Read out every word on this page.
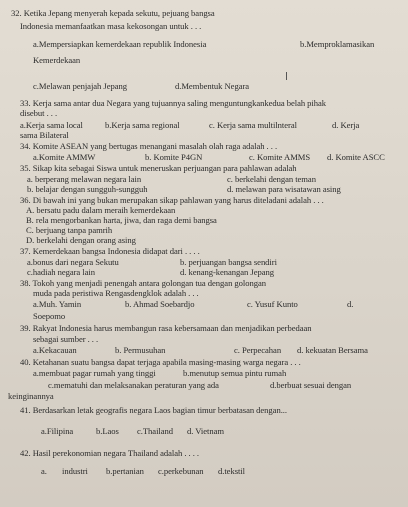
32. Ketika Jepang menyerah kepada sekutu, pejuang bangsa
Indonesia memanfaatkan masa kekosongan untuk . . .
a.Mempersiapkan kemerdekaan republik Indonesia	b.Memproklamasikan
Kemerdekaan
c.Melawan penjajah Jepang	d.Membentuk Negara
33. Kerja sama antar dua Negara yang tujuannya saling menguntungkankedua belah pihak
disebut . . .
a.Kerja sama local	b.Kerja sama regional	c. Kerja sama multilnteral	d. Kerja
sama Bilateral
34. Komite ASEAN yang bertugas menangani masalah olah raga adalah . . .
a.Komite AMMW	b. Komite P4GN	c. Komite AMMS d. Komite ASCC
35. Sikap kita sebagai Siswa untuk meneruskan perjuangan para pahlawan adalah
a. berperang melawan negara lain	c. berkelahi dengan teman
b. belajar dengan sungguh-sungguh	d. melawan para wisatawan asing
36. Di bawah ini yang bukan merupakan sikap pahlawan yang harus diteladani adalah . . .
A. bersatu padu dalam meraih kemerdekaan
B. rela mengorbankan harta, jiwa, dan raga demi bangsa
C. berjuang tanpa pamrih
D. berkelahi dengan orang asing
37. Kemerdekaan bangsa Indonesia didapat dari . . . .
a.bonus dari negara Sekutu	b. perjuangan bangsa sendiri
c.hadiah negara lain	d. kenang-kenangan Jepang
38. Tokoh yang menjadi penengah antara golongan tua dengan golongan
muda pada peristiwa Rengasdengklok adalah . . .
a.Muh. Yamin	b. Ahmad Soebardjo	c. Yusuf Kunto	d.
Soepomo
39. Rakyat Indonesia harus membangun rasa kebersamaan dan menjadikan perbedaan
sebagai sumber . . .
a.Kekacauan	b. Permusuhan	c. Perpecahan d. kekuatan Bersama
40. Ketahanan suatu bangsa dapat terjaga apabila masing-masing warga negara . . .
a.membuat pagar rumah yang tinggi	b.menutup semua pintu rumah
c.mematuhi dan melaksanakan peraturan yang ada	d.berbuat sesuai dengan
keinginannya
41. Berdasarkan letak geografis negara Laos bagian timur berbatasan dengan...
a.Filipina	b.Laos c.Thailand d. Vietnam
42. Hasil perekonomian negara Thailand adalah . . . .
a. industri b.pertanian c.perkebunan d.tekstil
